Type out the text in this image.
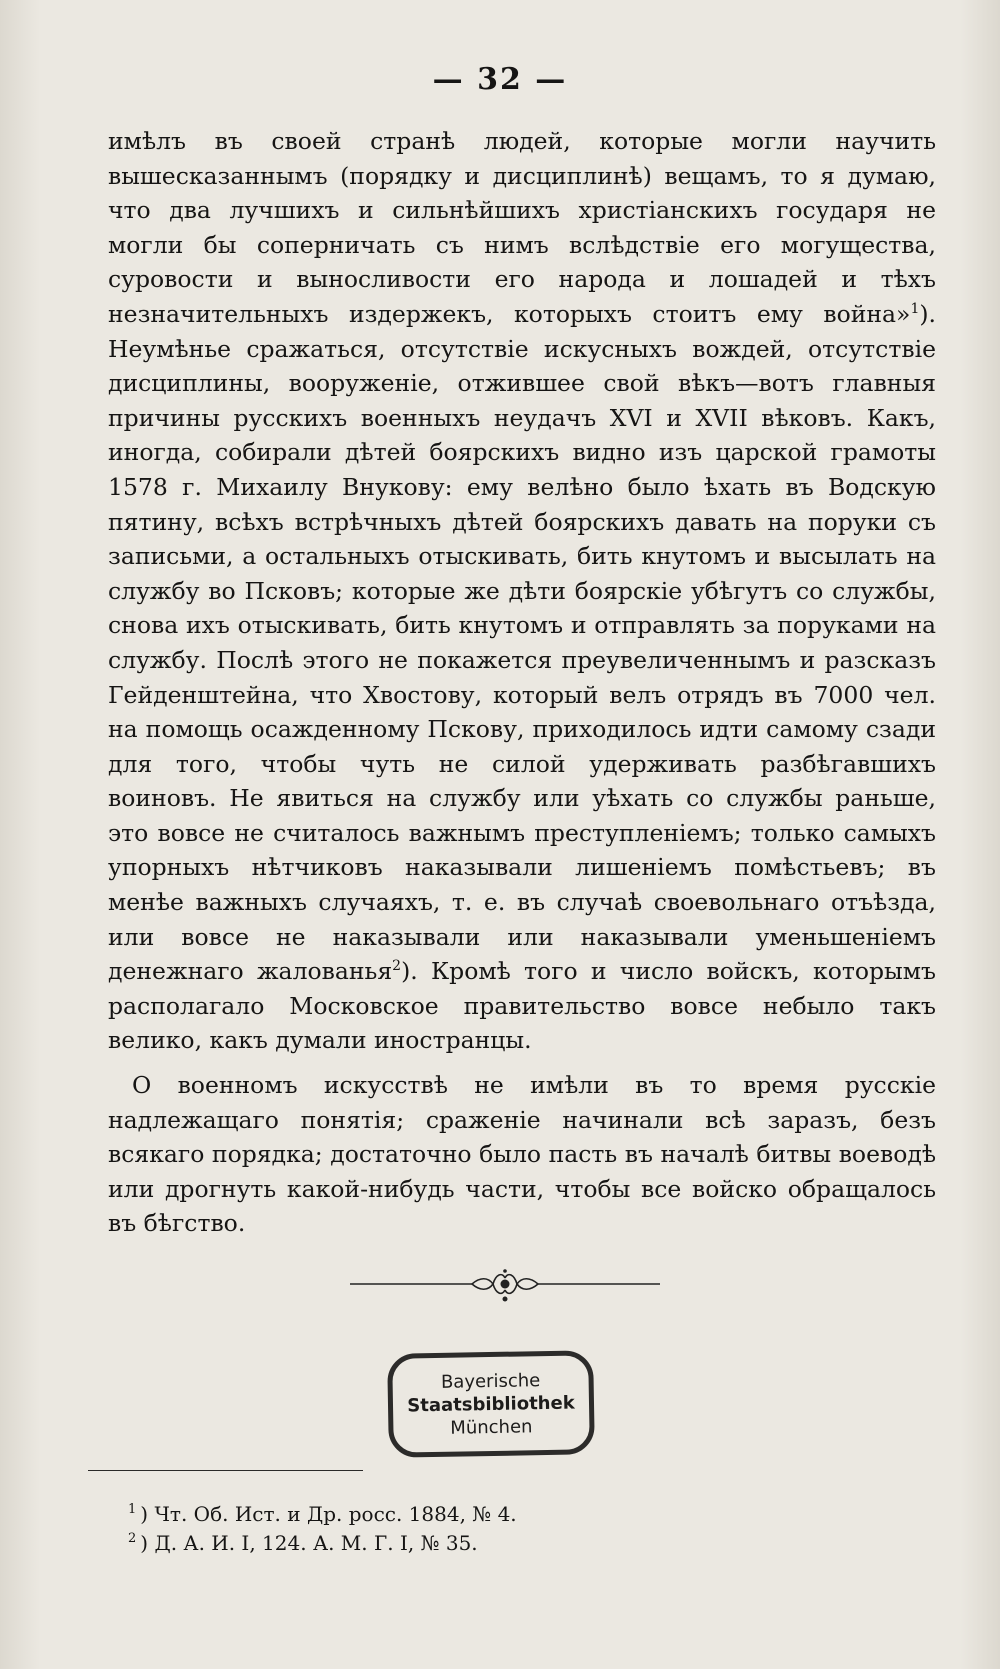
— 32 —

имѣлъ въ своей странѣ людей, которые могли научить вышесказаннымъ (порядку и дисциплинѣ) вещамъ, то я думаю, что два лучшихъ и сильнѣйшихъ христіанскихъ государя не могли бы соперничать съ нимъ вслѣдствіе его могущества, суровости и выносливости его народа и лошадей и тѣхъ незначительныхъ издержекъ, которыхъ стоитъ ему война»$^1$). Неумѣнье сражаться, отсутствіе искусныхъ вождей, отсутствіе дисциплины, вооруженіе, отжившее свой вѣкъ—вотъ главныя причины русскихъ военныхъ неудачъ XVI и XVII вѣковъ. Какъ, иногда, собирали дѣтей боярскихъ видно изъ царской грамоты 1578 г. Михаилу Внукову: ему велѣно было ѣхать въ Водскую пятину, всѣхъ встрѣчныхъ дѣтей боярскихъ давать на поруки съ записьми, а остальныхъ отыскивать, бить кнутомъ и высылать на службу во Псковъ; которые же дѣти боярскіе убѣгутъ со службы, снова ихъ отыскивать, бить кнутомъ и отправлять за поруками на службу. Послѣ этого не покажется преувеличеннымъ и разсказъ Гейденштейна, что Хвостову, который велъ отрядъ въ 7000 чел. на помощь осажденному Пскову, приходилось идти самому сзади для того, чтобы чуть не силой удерживать разбѣгавшихъ воиновъ. Не явиться на службу или уѣхать со службы раньше, это вовсе не считалось важнымъ преступленіемъ; только самыхъ упорныхъ нѣтчиковъ наказывали лишеніемъ помѣстьевъ; въ менѣе важныхъ случаяхъ, т. е. въ случаѣ своевольнаго отъѣзда, или вовсе не наказывали или наказывали уменьшеніемъ денежнаго жалованья$^2$). Кромѣ того и число войскъ, которымъ располагало Московское правительство вовсе небыло такъ велико, какъ думали иностранцы.

О военномъ искусствѣ не имѣли въ то время русскіе надлежащаго понятія; сраженіе начинали всѣ заразъ, безъ всякаго порядка; достаточно было пасть въ началѣ битвы воеводѣ или дрогнуть какой-нибудь части, чтобы все войско обращалось въ бѣгство.

Bayerische
Staatsbibliothek
München

$^1$ ) Чт. Об. Ист. и Др. росс. 1884, № 4.

$^2$ ) Д. А. И. I, 124. А. М. Г. I, № 35.
